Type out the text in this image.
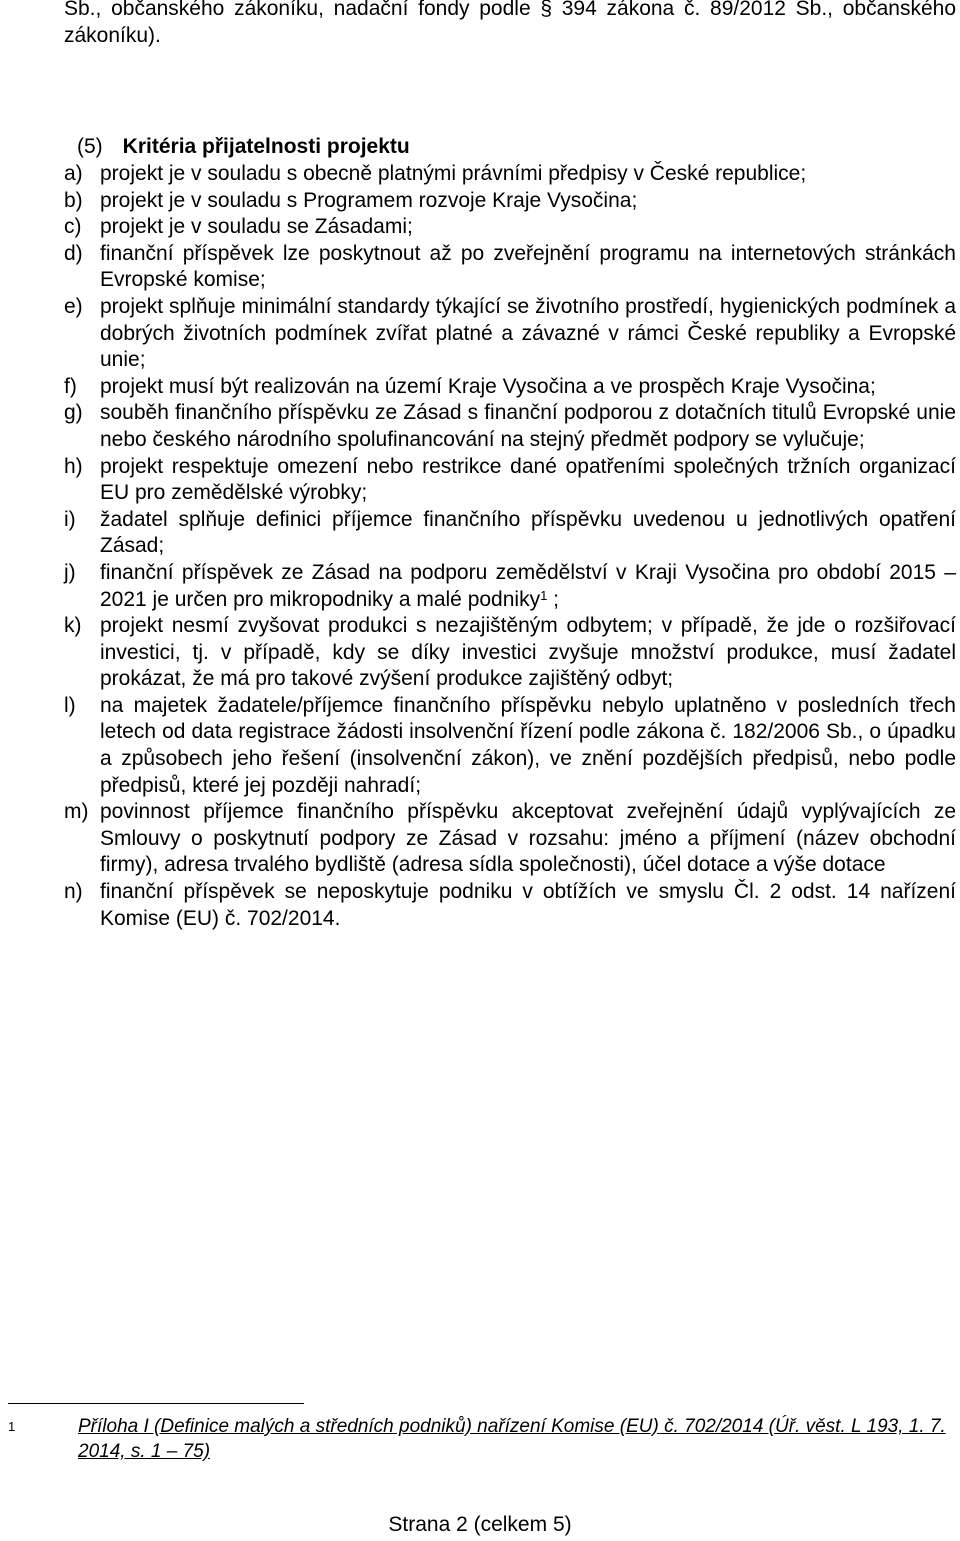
Sb., občanského zákoníku, nadační fondy podle § 394 zákona č. 89/2012 Sb., občanského zákoníku).
(5) Kritéria přijatelnosti projektu
a) projekt je v souladu s obecně platnými právními předpisy v České republice;
b) projekt je v souladu s Programem rozvoje Kraje Vysočina;
c) projekt je v souladu se Zásadami;
d) finanční příspěvek lze poskytnout až po zveřejnění programu na internetových stránkách Evropské komise;
e) projekt splňuje minimální standardy týkající se životního prostředí, hygienických podmínek a dobrých životních podmínek zvířat platné a závazné v rámci České republiky a Evropské unie;
f) projekt musí být realizován na území Kraje Vysočina a ve prospěch Kraje Vysočina;
g) souběh finančního příspěvku ze Zásad s finanční podporou z dotačních titulů Evropské unie nebo českého národního spolufinancování na stejný předmět podpory se vylučuje;
h) projekt respektuje omezení nebo restrikce dané opatřeními společných tržních organizací EU pro zemědělské výrobky;
i) žadatel splňuje definici příjemce finančního příspěvku uvedenou u jednotlivých opatření Zásad;
j) finanční příspěvek ze Zásad na podporu zemědělství v Kraji Vysočina pro období 2015 – 2021 je určen pro mikropodniky a malé podniky$^1$ ;
k) projekt nesmí zvyšovat produkci s nezajištěným odbytem; v případě, že jde o rozšiřovací investici, tj. v případě, kdy se díky investici zvyšuje množství produkce, musí žadatel prokázat, že má pro takové zvýšení produkce zajištěný odbyt;
l) na majetek žadatele/příjemce finančního příspěvku nebylo uplatněno v posledních třech letech od data registrace žádosti insolvenční řízení podle zákona č. 182/2006 Sb., o úpadku a způsobech jeho řešení (insolvenční zákon), ve znění pozdějších předpisů, nebo podle předpisů, které jej později nahradí;
m) povinnost příjemce finančního příspěvku akceptovat zveřejnění údajů vyplývajících ze Smlouvy o poskytnutí podpory ze Zásad v rozsahu: jméno a příjmení (název obchodní firmy), adresa trvalého bydliště (adresa sídla společnosti), účel dotace a výše dotace
n) finanční příspěvek se neposkytuje podniku v obtížích ve smyslu Čl. 2 odst. 14 nařízení Komise (EU) č. 702/2014.
1	Příloha I (Definice malých a středních podniků) nařízení Komise (EU) č. 702/2014 (Úř. věst. L 193, 1. 7. 2014, s. 1 – 75)
Strana 2 (celkem 5)
